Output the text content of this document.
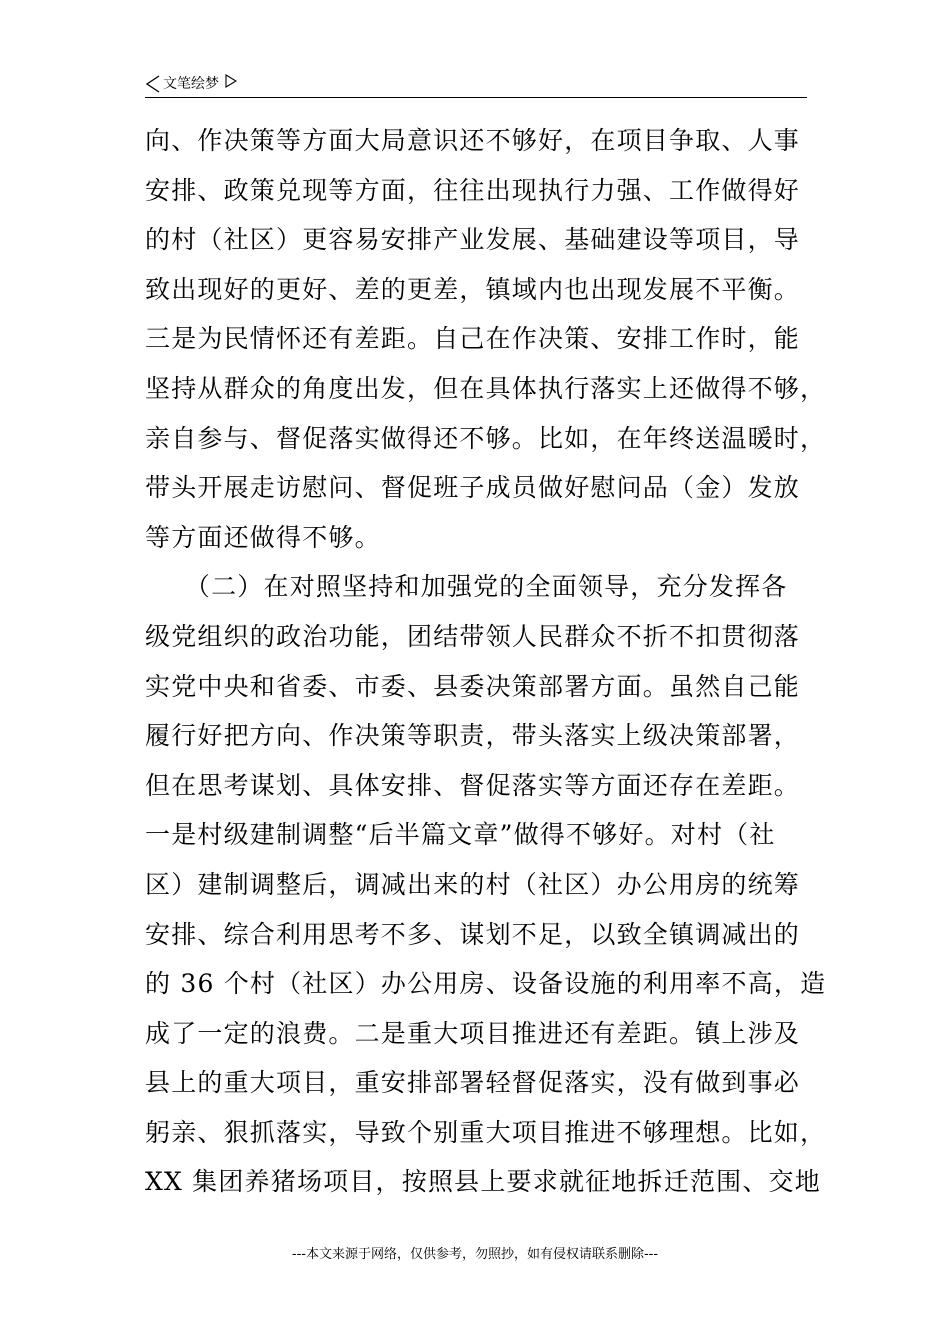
文笔绘梦
向、作决策等方面大局意识还不够好，在项目争取、人事
安排、政策兑现等方面，往往出现执行力强、工作做得好
的村（社区）更容易安排产业发展、基础建设等项目，导
致出现好的更好、差的更差，镇域内也出现发展不平衡。
三是为民情怀还有差距。自己在作决策、安排工作时，能
坚持从群众的角度出发，但在具体执行落实上还做得不够，
亲自参与、督促落实做得还不够。比如，在年终送温暖时，
带头开展走访慰问、督促班子成员做好慰问品（金）发放
等方面还做得不够。
　　（二）在对照坚持和加强党的全面领导，充分发挥各
级党组织的政治功能，团结带领人民群众不折不扣贯彻落
实党中央和省委、市委、县委决策部署方面。虽然自己能
履行好把方向、作决策等职责，带头落实上级决策部署，
但在思考谋划、具体安排、督促落实等方面还存在差距。
一是村级建制调整“后半篇文章”做得不够好。对村（社
区）建制调整后，调减出来的村（社区）办公用房的统筹
安排、综合利用思考不多、谋划不足，以致全镇调减出的
的 36 个村（社区）办公用房、设备设施的利用率不高，造
成了一定的浪费。二是重大项目推进还有差距。镇上涉及
县上的重大项目，重安排部署轻督促落实，没有做到事必
躬亲、狠抓落实，导致个别重大项目推进不够理想。比如，
XX 集团养猪场项目，按照县上要求就征地拆迁范围、交地
---本文来源于网络，仅供参考，勿照抄，如有侵权请联系删除---
